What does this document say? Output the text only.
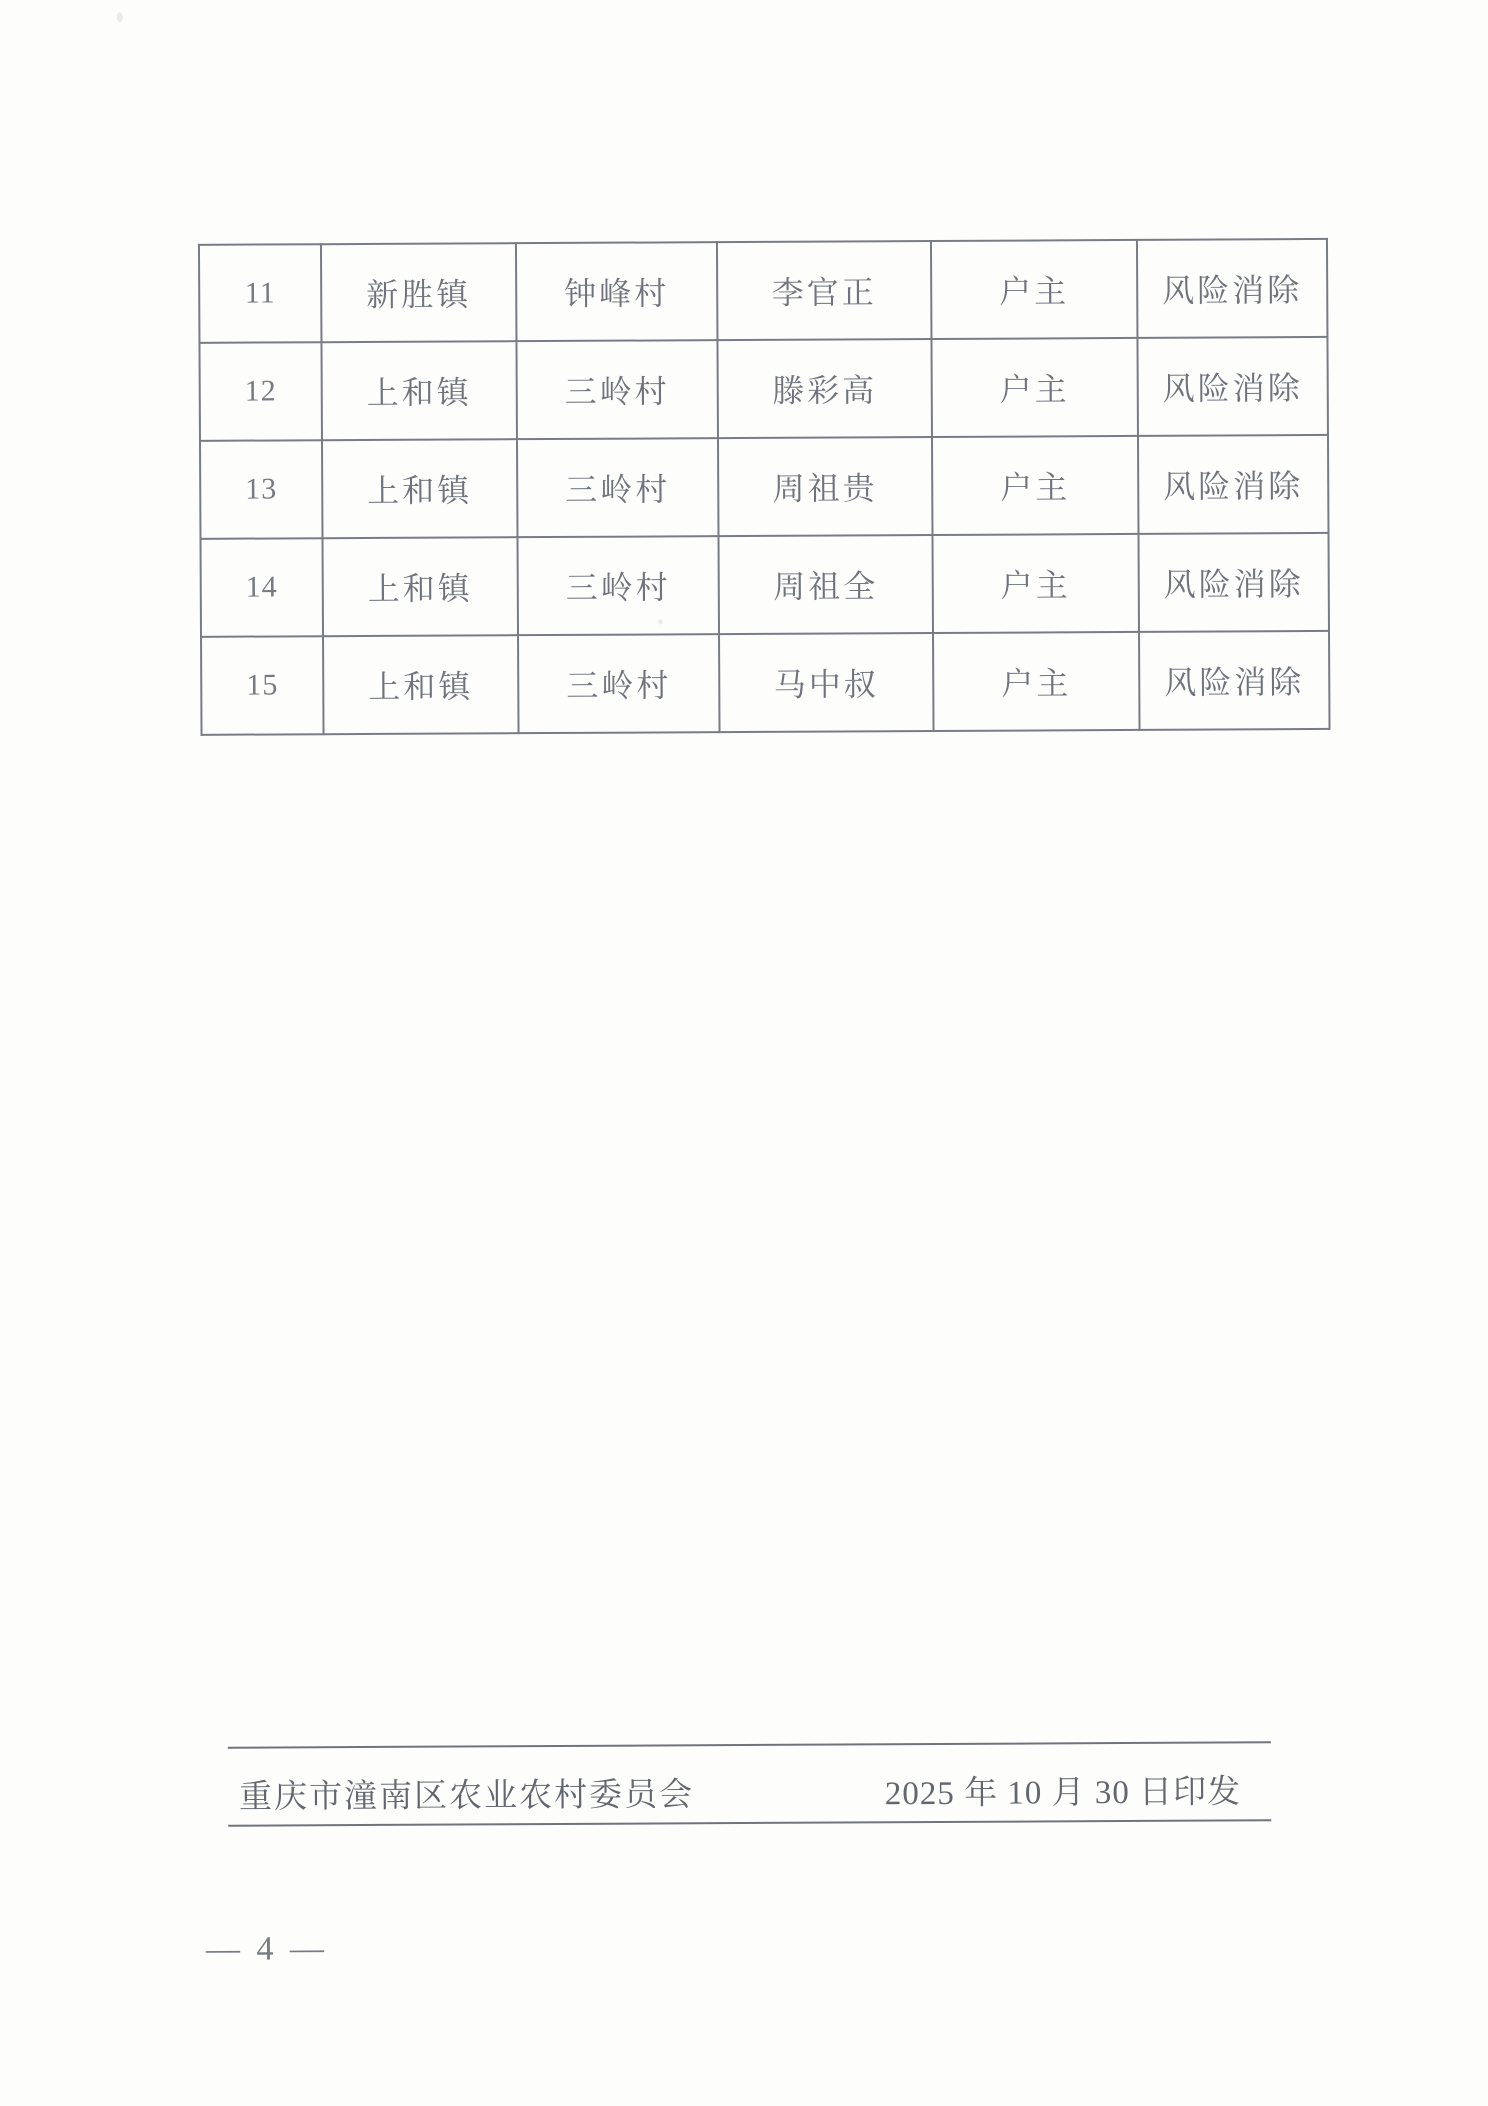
11	新胜镇	钟峰村	李官正	户主	风险消除
12	上和镇	三岭村	滕彩高	户主	风险消除
13	上和镇	三岭村	周祖贵	户主	风险消除
14	上和镇	三岭村	周祖全	户主	风险消除
15	上和镇	三岭村	马中叔	户主	风险消除
重庆市潼南区农业农村委员会	2025 年 10 月 30 日印发
— 4 —
